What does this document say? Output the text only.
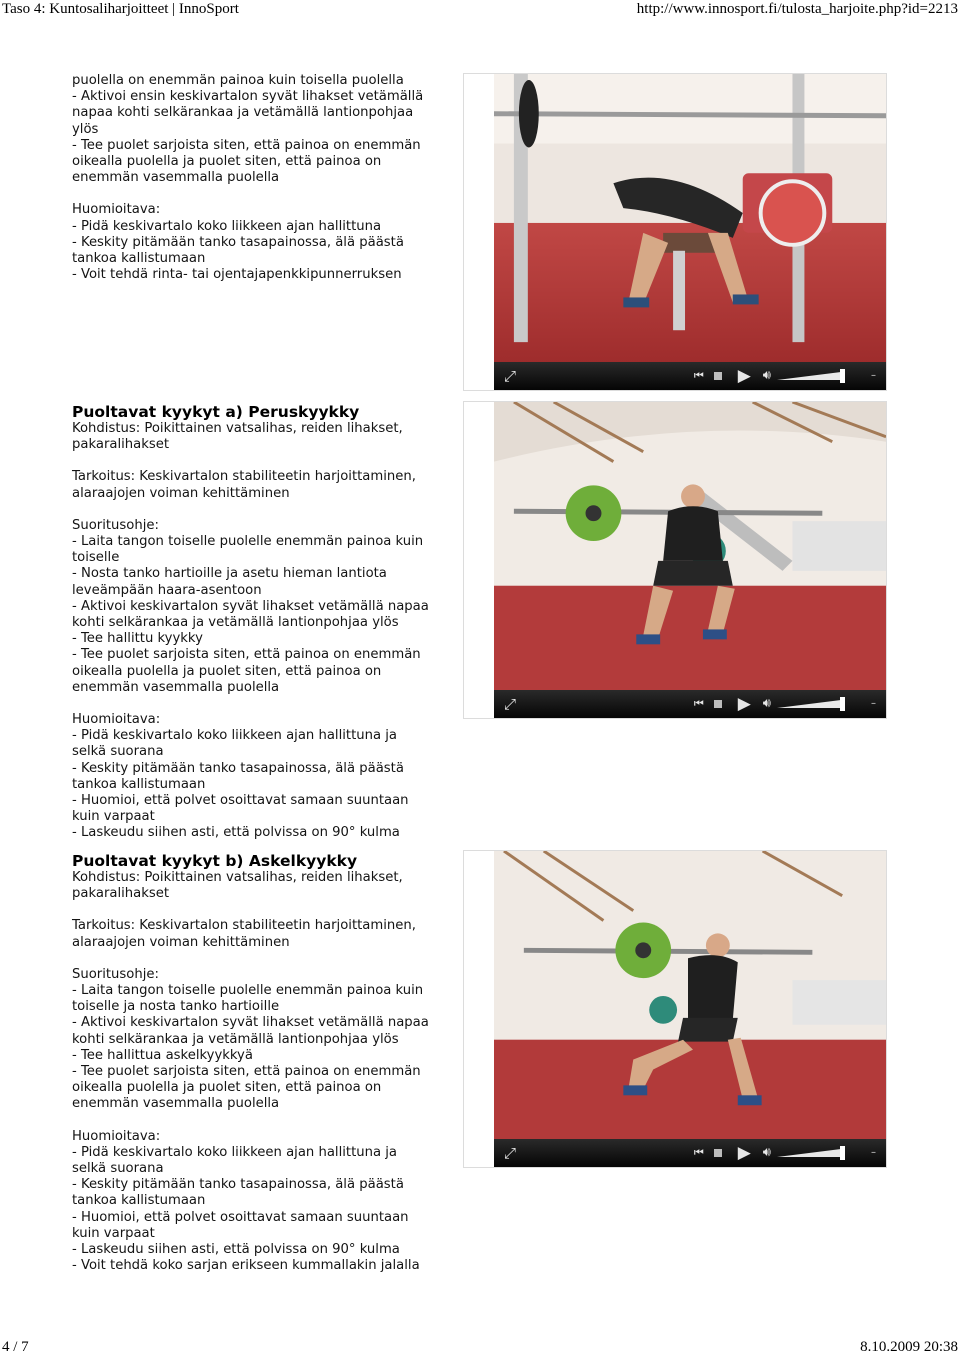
Taso 4: Kuntosaliharjoitteet | InnoSport	http://www.innosport.fi/tulosta_harjoite.php?id=2213

puolella on enemmän painoa kuin toisella puolella

- Aktivoi ensin keskivartalon syvät lihakset vetämällä

napaa kohti selkärankaa ja vetämällä lantionpohjaa

ylös

- Tee puolet sarjoista siten, että painoa on enemmän

oikealla puolella ja puolet siten, että painoa on

enemmän vasemmalla puolella

Huomioitava:

- Pidä keskivartalo koko liikkeen ajan hallittuna

- Keskity pitämään tanko tasapainossa, älä päästä

tankoa kallistumaan

- Voit tehdä rinta- tai ojentajapenkkipunnerruksen

⤢	⏮ ▶ 🔊︎	–
Puoltavat kyykyt a) Peruskyykky

Kohdistus: Poikittainen vatsalihas, reiden lihakset,

pakaralihakset

Tarkoitus: Keskivartalon stabiliteetin harjoittaminen,

alaraajojen voiman kehittäminen

Suoritusohje:

- Laita tangon toiselle puolelle enemmän painoa kuin

toiselle

- Nosta tanko hartioille ja asetu hieman lantiota

leveämpään haara-asentoon

- Aktivoi keskivartalon syvät lihakset vetämällä napaa

kohti selkärankaa ja vetämällä lantionpohjaa ylös

- Tee hallittu kyykky

- Tee puolet sarjoista siten, että painoa on enemmän

oikealla puolella ja puolet siten, että painoa on

enemmän vasemmalla puolella

Huomioitava:

- Pidä keskivartalo koko liikkeen ajan hallittuna ja

selkä suorana

- Keskity pitämään tanko tasapainossa, älä päästä

tankoa kallistumaan

- Huomioi, että polvet osoittavat samaan suuntaan

kuin varpaat

- Laskeudu siihen asti, että polvissa on 90° kulma

⤢	⏮ ▶ 🔊︎	–
Puoltavat kyykyt b) Askelkyykky

Kohdistus: Poikittainen vatsalihas, reiden lihakset,

pakaralihakset

Tarkoitus: Keskivartalon stabiliteetin harjoittaminen,

alaraajojen voiman kehittäminen

Suoritusohje:

- Laita tangon toiselle puolelle enemmän painoa kuin

toiselle ja nosta tanko hartioille

- Aktivoi keskivartalon syvät lihakset vetämällä napaa

kohti selkärankaa ja vetämällä lantionpohjaa ylös

- Tee hallittua askelkyykkyä

- Tee puolet sarjoista siten, että painoa on enemmän

oikealla puolella ja puolet siten, että painoa on

enemmän vasemmalla puolella

Huomioitava:

- Pidä keskivartalo koko liikkeen ajan hallittuna ja

selkä suorana

- Keskity pitämään tanko tasapainossa, älä päästä

tankoa kallistumaan

- Huomioi, että polvet osoittavat samaan suuntaan

kuin varpaat

- Laskeudu siihen asti, että polvissa on 90° kulma

- Voit tehdä koko sarjan erikseen kummallakin jalalla

⤢	⏮ ▶ 🔊︎	–
4 / 7	8.10.2009 20:38
